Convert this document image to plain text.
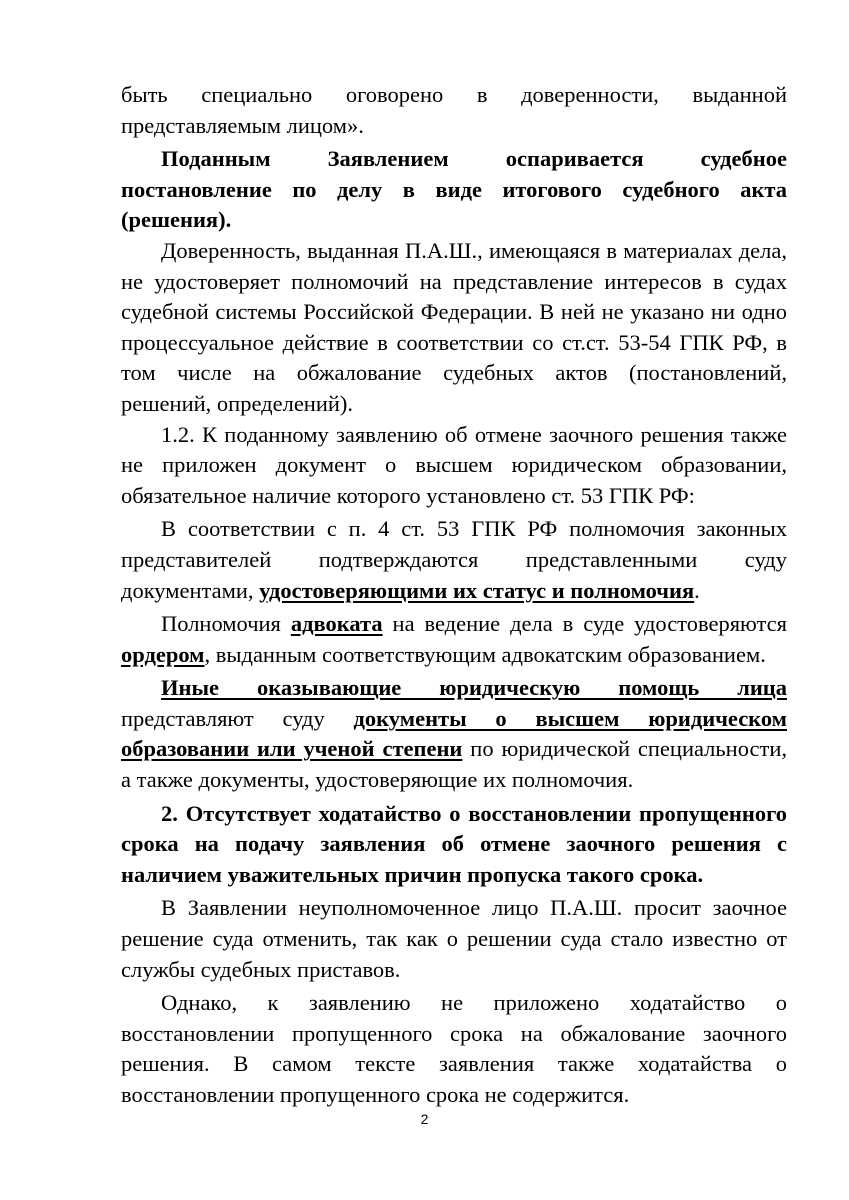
быть специально оговорено в доверенности, выданной представляемым лицом».

Поданным Заявлением оспаривается судебное постановление по делу в виде итогового судебного акта (решения).

Доверенность, выданная П.А.Ш., имеющаяся в материалах дела, не удостоверяет полномочий на представление интересов в судах судебной системы Российской Федерации. В ней не указано ни одно процессуальное действие в соответствии со ст.ст. 53-54 ГПК РФ, в том числе на обжалование судебных актов (постановлений, решений, определений).

1.2. К поданному заявлению об отмене заочного решения также не приложен документ о высшем юридическом образовании, обязательное наличие которого установлено ст. 53 ГПК РФ:

В соответствии с п. 4 ст. 53 ГПК РФ полномочия законных представителей подтверждаются представленными суду документами, удостоверяющими их статус и полномочия.

Полномочия адвоката на ведение дела в суде удостоверяются ордером, выданным соответствующим адвокатским образованием.

Иные оказывающие юридическую помощь лица представляют суду документы о высшем юридическом образовании или ученой степени по юридической специальности, а также документы, удостоверяющие их полномочия.

2. Отсутствует ходатайство о восстановлении пропущенного срока на подачу заявления об отмене заочного решения с наличием уважительных причин пропуска такого срока.

В Заявлении неуполномоченное лицо П.А.Ш. просит заочное решение суда отменить, так как о решении суда стало известно от службы судебных приставов.

Однако, к заявлению не приложено ходатайство о восстановлении пропущенного срока на обжалование заочного решения. В самом тексте заявления также ходатайства о восстановлении пропущенного срока не содержится.

2
